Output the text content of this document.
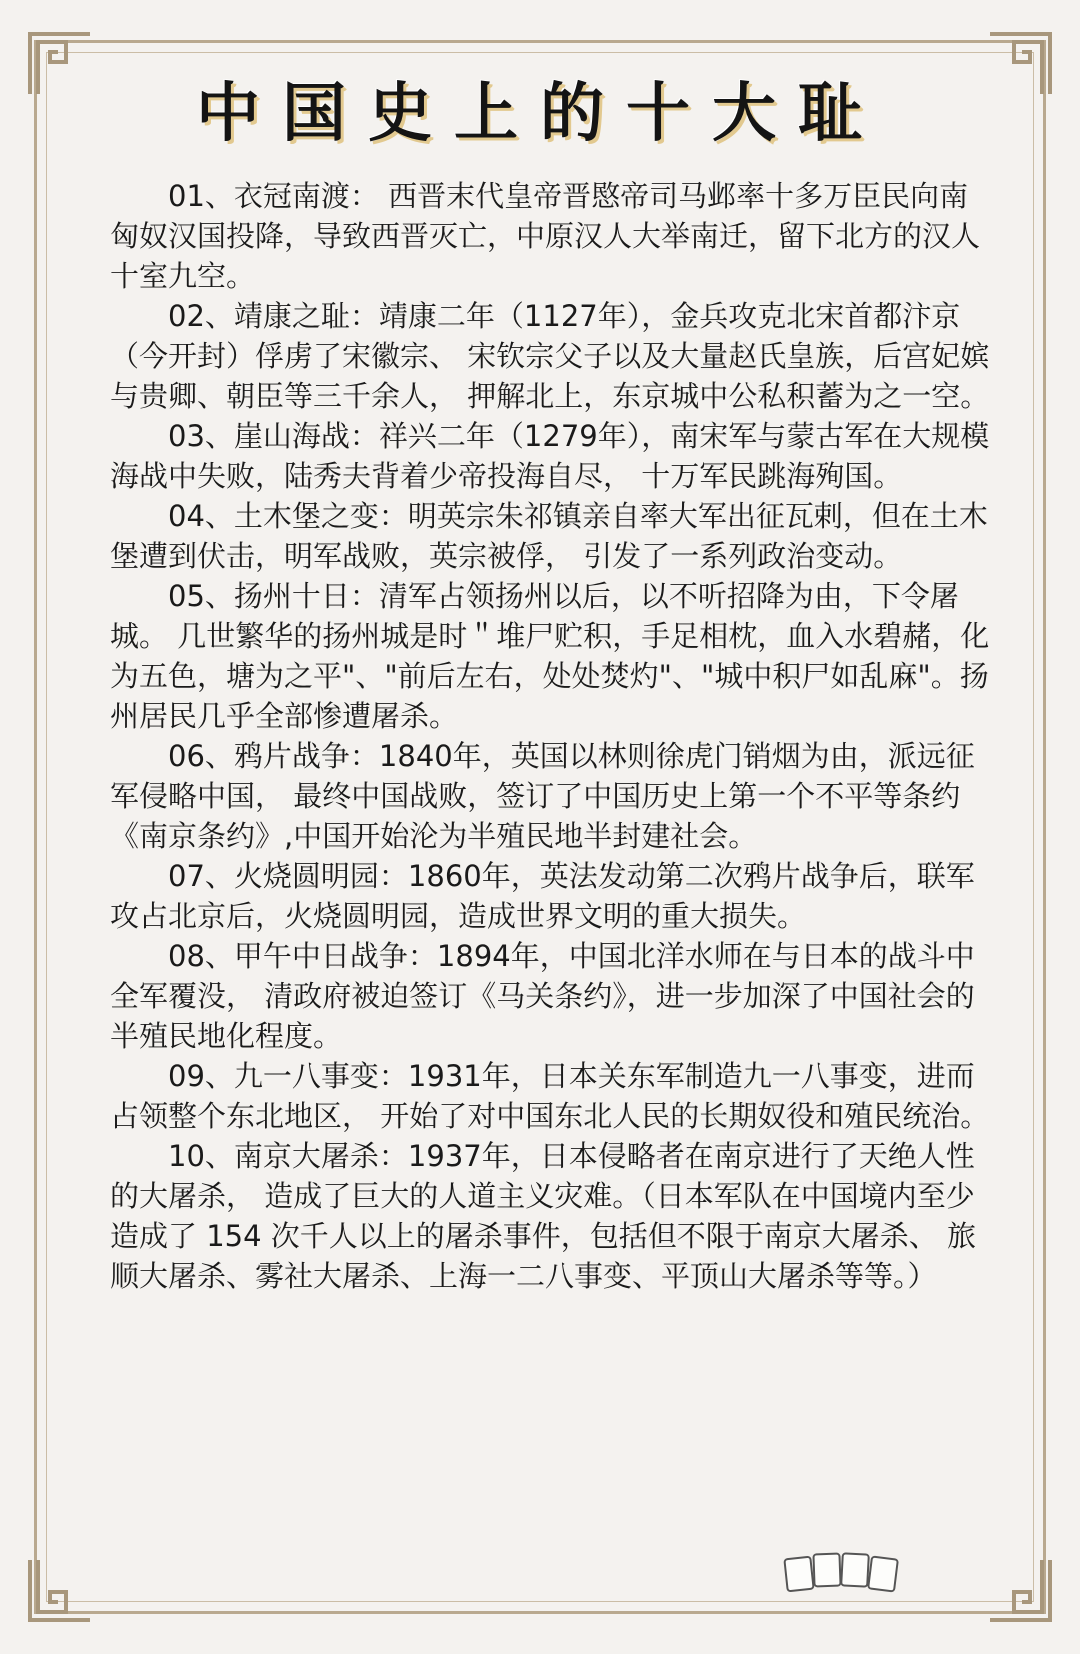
中国史上的十大耻
01、衣冠南渡： 西晋末代皇帝晋愍帝司马邺率十多万臣民向南匈奴汉国投降，导致西晋灭亡，中原汉人大举南迁，留下北方的汉人十室九空。
02、靖康之耻：靖康二年（1127年），金兵攻克北宋首都汴京（今开封）俘虏了宋徽宗、 宋钦宗父子以及大量赵氏皇族，后宫妃嫔与贵卿、朝臣等三千余人， 押解北上，东京城中公私积蓄为之一空。
03、崖山海战：祥兴二年（1279年），南宋军与蒙古军在大规模海战中失败，陆秀夫背着少帝投海自尽， 十万军民跳海殉国。
04、土木堡之变：明英宗朱祁镇亲自率大军出征瓦剌，但在土木堡遭到伏击，明军战败，英宗被俘， 引发了一系列政治变动。
05、扬州十日：清军占领扬州以后，以不听招降为由，下令屠城。 几世繁华的扬州城是时＂堆尸贮积，手足相枕，血入水碧赭，化为五色，塘为之平"、"前后左右，处处焚灼"、"城中积尸如乱麻"。扬州居民几乎全部惨遭屠杀。
06、鸦片战争：1840年，英国以林则徐虎门销烟为由，派远征军侵略中国， 最终中国战败，签订了中国历史上第一个不平等条约《南京条约》,中国开始沦为半殖民地半封建社会。
07、火烧圆明园：1860年，英法发动第二次鸦片战争后，联军攻占北京后，火烧圆明园，造成世界文明的重大损失。
08、甲午中日战争：1894年，中国北洋水师在与日本的战斗中全军覆没， 清政府被迫签订《马关条约》，进一步加深了中国社会的半殖民地化程度。
09、九一八事变：1931年，日本关东军制造九一八事变，进而占领整个东北地区， 开始了对中国东北人民的长期奴役和殖民统治。
10、南京大屠杀：1937年，日本侵略者在南京进行了天绝人性的大屠杀， 造成了巨大的人道主义灾难。（日本军队在中国境内至少造成了 154 次千人以上的屠杀事件，包括但不限于南京大屠杀、 旅顺大屠杀、雾社大屠杀、上海一二八事变、平顶山大屠杀等等。）
